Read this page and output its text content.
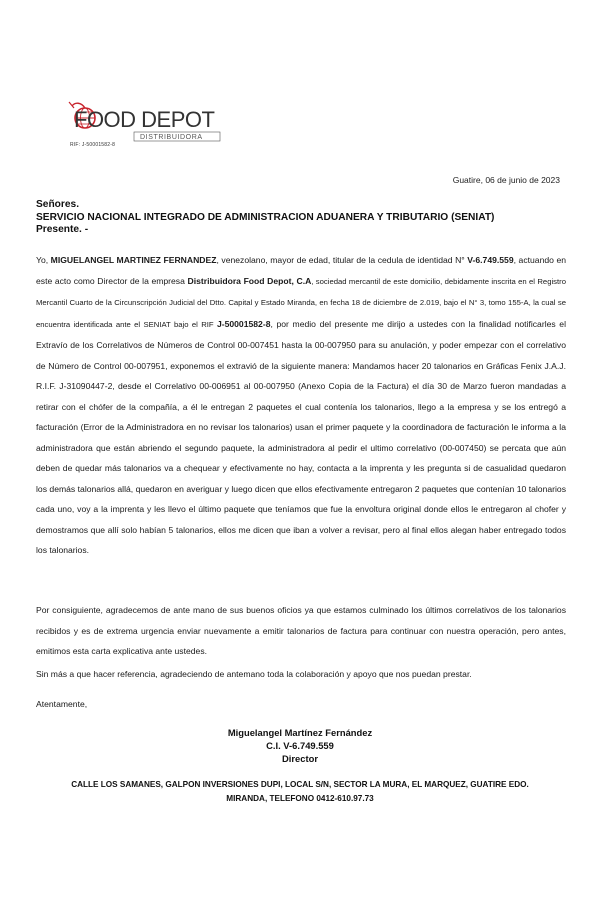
FOOD DEPOT
DISTRIBUIDORA
RIF: J-50001582-8
Guatire, 06 de junio de 2023
Señores.
SERVICIO NACIONAL INTEGRADO DE ADMINISTRACION ADUANERA Y TRIBUTARIO (SENIAT)
Presente. -
Yo, MIGUELANGEL MARTINEZ FERNANDEZ, venezolano, mayor de edad, titular de la cedula de identidad N° V-6.749.559, actuando en este acto como Director de la empresa Distribuidora Food Depot, C.A, sociedad mercantil de este domicilio, debidamente inscrita en el Registro Mercantil Cuarto de la Circunscripción Judicial del Dtto. Capital y Estado Miranda, en fecha 18 de diciembre de 2.019, bajo el N° 3, tomo 155-A, la cual se encuentra identificada ante el SENIAT bajo el RIF J-50001582-8, por medio del presente me dirijo a ustedes con la finalidad notificarles el Extravío de los Correlativos de Números de Control 00-007451 hasta la 00-007950 para su anulación, y poder empezar con el correlativo de Número de Control 00-007951, exponemos el extravió de la siguiente manera: Mandamos hacer 20 talonarios en Gráficas Fenix J.A.J. R.I.F. J-31090447-2, desde el Correlativo 00-006951 al 00-007950 (Anexo Copia de la Factura) el día 30 de Marzo fueron mandadas a retirar con el chófer de la compañía, a él le entregan 2 paquetes el cual contenía los talonarios, llego a la empresa y se los entregó a facturación (Error de la Administradora en no revisar los talonarios) usan el primer paquete y la coordinadora de facturación le informa a la administradora que están abriendo el segundo paquete, la administradora al pedir el ultimo correlativo (00-007450) se percata que aún deben de quedar más talonarios va a chequear y efectivamente no hay, contacta a la imprenta y les pregunta si de casualidad quedaron los demás talonarios allá, quedaron en averiguar y luego dicen que ellos efectivamente entregaron 2 paquetes que contenían 10 talonarios cada uno, voy a la imprenta y les llevo el último paquete que teníamos que fue la envoltura original donde ellos le entregaron al chofer y demostramos que allí solo habían 5 talonarios, ellos me dicen que iban a volver a revisar, pero al final ellos alegan haber entregado todos los talonarios.
Por consiguiente, agradecemos de ante mano de sus buenos oficios ya que estamos culminado los últimos correlativos de los talonarios recibidos y es de extrema urgencia enviar nuevamente a emitir talonarios de factura para continuar con nuestra operación, pero antes, emitimos esta carta explicativa ante ustedes.
Sin más a que hacer referencia, agradeciendo de antemano toda la colaboración y apoyo que nos puedan prestar.
Atentamente,
Miguelangel Martínez Fernández
C.I. V-6.749.559
Director
CALLE LOS SAMANES, GALPON INVERSIONES DUPI, LOCAL S/N, SECTOR LA MURA, EL MARQUEZ, GUATIRE EDO.
MIRANDA, TELEFONO 0412-610.97.73
